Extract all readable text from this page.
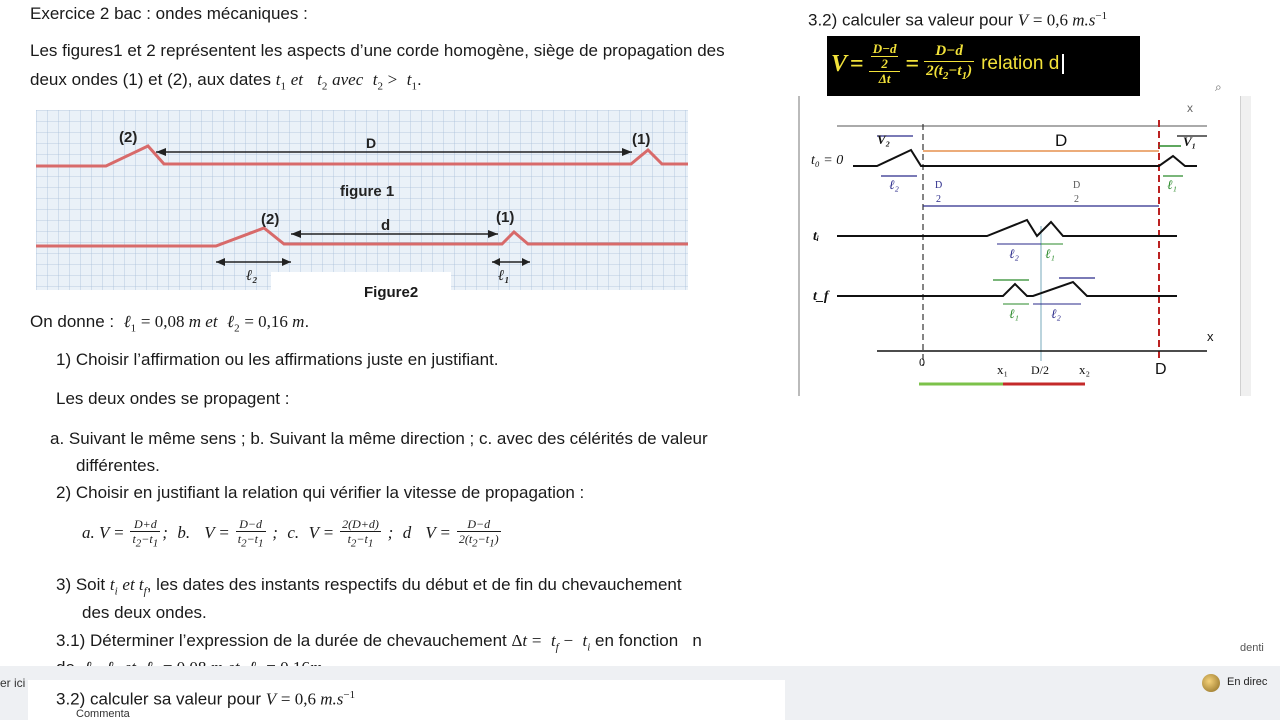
Exercice 2 bac : ondes mécaniques :	3.2) calculer sa valeur pour V = 0,6 $m.s^{-1}$
Les figures1 et 2 représentent les aspects d’une corde homogène, siège de propagation des
deux ondes (1) et (2), aux dates $t_1$ et $t_2$ avec $t_2 > t_1$.
(2)	D	(1)
figure 1
(2)	d	(1)
ℓ₂	ℓ₁
Figure2
On donne : ℓ$_1$ = 0,08 m et ℓ$_2$ = 0,16 m.
1) Choisir l’affirmation ou les affirmations juste en justifiant.
Les deux ondes se propagent :
a. Suivant le même sens ; b. Suivant la même direction ; c. avec des célérités de valeur
différentes.
2) Choisir en justifiant la relation qui vérifier la vitesse de propagation :
a. $V = \frac{D+d}{t_2-t_1}$ ; b. $V = \frac{D-d}{t_2-t_1}$ ; c. $V = \frac{2(D+d)}{t_2-t_1}$ ; d $V = \frac{D-d}{2(t_2-t_1)}$
3) Soit $t_i$ et $t_f$, les dates des instants respectifs du début et de fin du chevauchement
des deux ondes.
3.1) Déterminer l’expression de la durée de chevauchement $\Delta t = t_f - t_i$ en fonction   n

er ici	En direc
denti
3.2) calculer sa valeur pour V = 0,6 $m.s^{-1}$
Commenta
$V = \frac{\frac{D-d}{2}}{\Delta t} = \frac{D-d}{2(t_2-t_1)}$ relation d
⌕
x
D
t₀ = 0
V₂	V₁
ℓ₂	ℓ₁
D
2
D
2
tᵢ
ℓ₂ ℓ₁
t_f
ℓ₁ ℓ₂
x
0	x₁ D/2 x₂	D
